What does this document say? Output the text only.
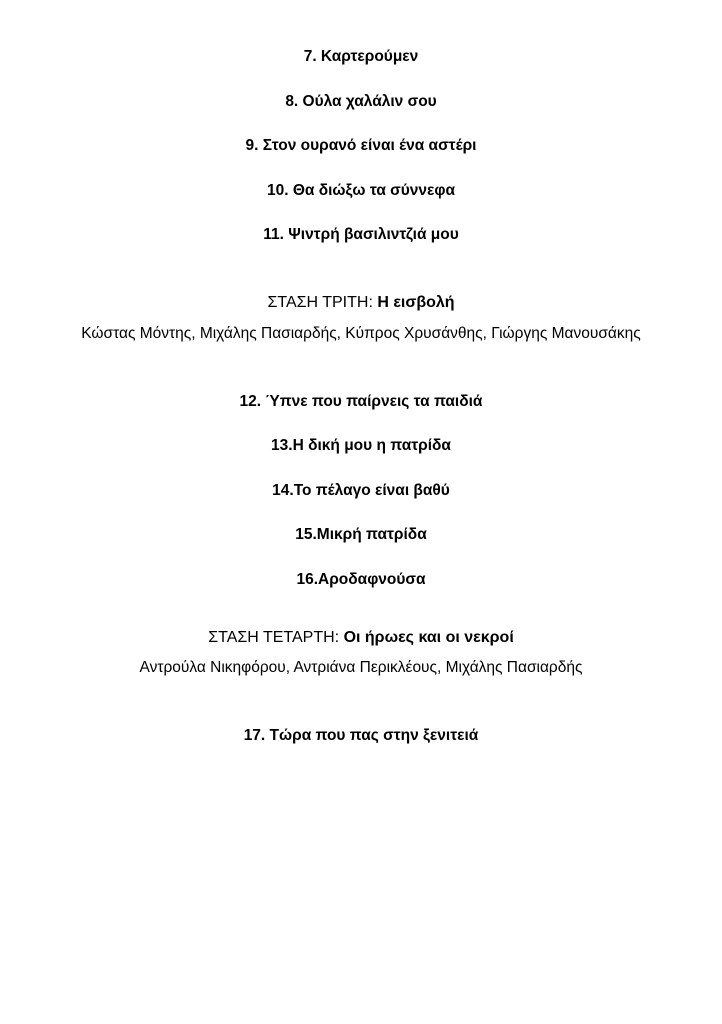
7. Καρτερούμεν

8. Ούλα χαλάλιν σου

9. Στον ουρανό είναι ένα αστέρι

10. Θα διώξω τα σύννεφα

11. Ψιντρή βασιλιντζιά μου

ΣΤΑΣΗ ΤΡΙΤΗ: Η εισβολή

Κώστας Μόντης, Μιχάλης Πασιαρδής, Κύπρος Χρυσάνθης, Γιώργης Μανουσάκης

12. Ύπνε που παίρνεις τα παιδιά

13.Η δική μου η πατρίδα

14.Το πέλαγο είναι βαθύ

15.Μικρή πατρίδα

16.Αροδαφνούσα

ΣΤΑΣΗ ΤΕΤΑΡΤΗ: Οι ήρωες και οι νεκροί

Αντρούλα Νικηφόρου, Αντριάνα Περικλέους, Μιχάλης Πασιαρδής

17. Τώρα που πας στην ξενιτειά
